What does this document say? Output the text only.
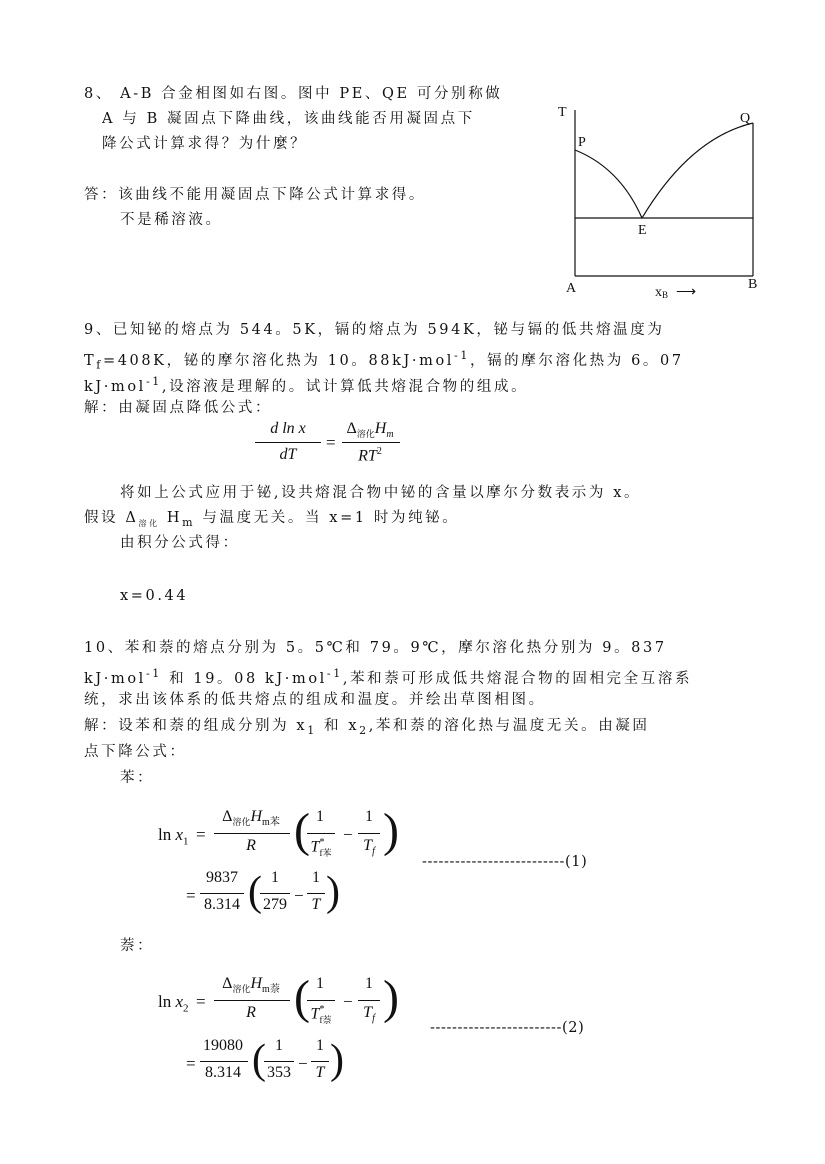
8、 A-B 合金相图如右图。图中 PE、QE 可分别称做
A 与 B 凝固点下降曲线，该曲线能否用凝固点下
降公式计算求得？为什麼？
答：该曲线不能用凝固点下降公式计算求得。
不是稀溶液。
T
P
Q
E
A	B
xB ⟶
9、已知铋的熔点为 544。5K，镉的熔点为 594K，铋与镉的低共熔温度为
$T_f=408K$，铋的摩尔溶化热为 10。88kJ·mol$^{-1}$，镉的摩尔溶化热为 6。07
kJ·mol$^{-1}$,设溶液是理解的。试计算低共熔混合物的组成。
解：由凝固点降低公式：
d ln x
dT
=
$\Delta_{溶化}H_m$
$RT^2$
将如上公式应用于铋,设共熔混合物中铋的含量以摩尔分数表示为 x。
假设 $\Delta_{溶化}$ $H_m$ 与温度无关。当 x=1 时为纯铋。
由积分公式得：
x=0.44
10、苯和萘的熔点分别为 5。5℃和 79。9℃，摩尔溶化热分别为 9。837
kJ·mol$^{-1}$ 和 19。08 kJ·mol$^{-1}$,苯和萘可形成低共熔混合物的固相完全互溶系
统，求出该体系的低共熔点的组成和温度。并绘出草图相图。
解：设苯和萘的组成分别为 $x_1$ 和 $x_2$,苯和萘的溶化热与温度无关。由凝固
点下降公式：
苯：
$\ln x_1$ =
$\Delta_{溶化}H_{m苯}$
R ( 1
$T^*_{f苯}$
−
1
$T_f$ )
--------------------------(1)
=
9837
8.314 ( 1
279 −
1
T )
萘：
$\ln x_2$ =
$\Delta_{溶化}H_{m萘}$
R ( 1
$T^*_{f萘}$
−
1
$T_f$ )
------------------------(2)
=
19080
8.314 ( 1
353 −
1
T )
